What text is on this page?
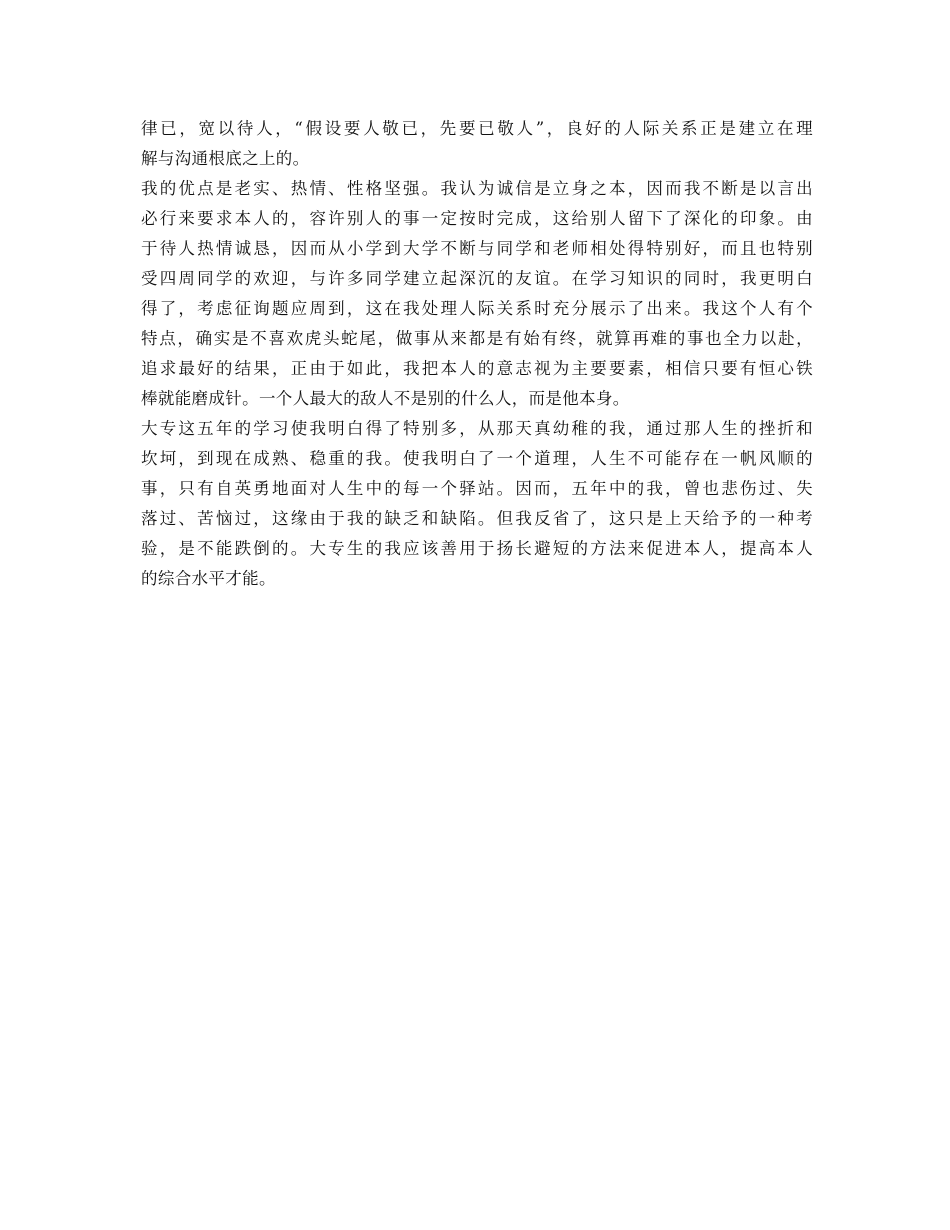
律已，宽以待人，“假设要人敬已，先要已敬人”，良好的人际关系正是建立在理
解与沟通根底之上的。
我的优点是老实、热情、性格坚强。我认为诚信是立身之本，因而我不断是以言出
必行来要求本人的，容许别人的事一定按时完成，这给别人留下了深化的印象。由
于待人热情诚恳，因而从小学到大学不断与同学和老师相处得特别好，而且也特别
受四周同学的欢迎，与许多同学建立起深沉的友谊。在学习知识的同时，我更明白
得了，考虑征询题应周到，这在我处理人际关系时充分展示了出来。我这个人有个
特点，确实是不喜欢虎头蛇尾，做事从来都是有始有终，就算再难的事也全力以赴，
追求最好的结果，正由于如此，我把本人的意志视为主要要素，相信只要有恒心铁
棒就能磨成针。一个人最大的敌人不是别的什么人，而是他本身。
大专这五年的学习使我明白得了特别多，从那天真幼稚的我，通过那人生的挫折和
坎坷，到现在成熟、稳重的我。使我明白了一个道理，人生不可能存在一帆风顺的
事，只有自英勇地面对人生中的每一个驿站。因而，五年中的我，曾也悲伤过、失
落过、苦恼过，这缘由于我的缺乏和缺陷。但我反省了，这只是上天给予的一种考
验，是不能跌倒的。大专生的我应该善用于扬长避短的方法来促进本人，提高本人
的综合水平才能。
